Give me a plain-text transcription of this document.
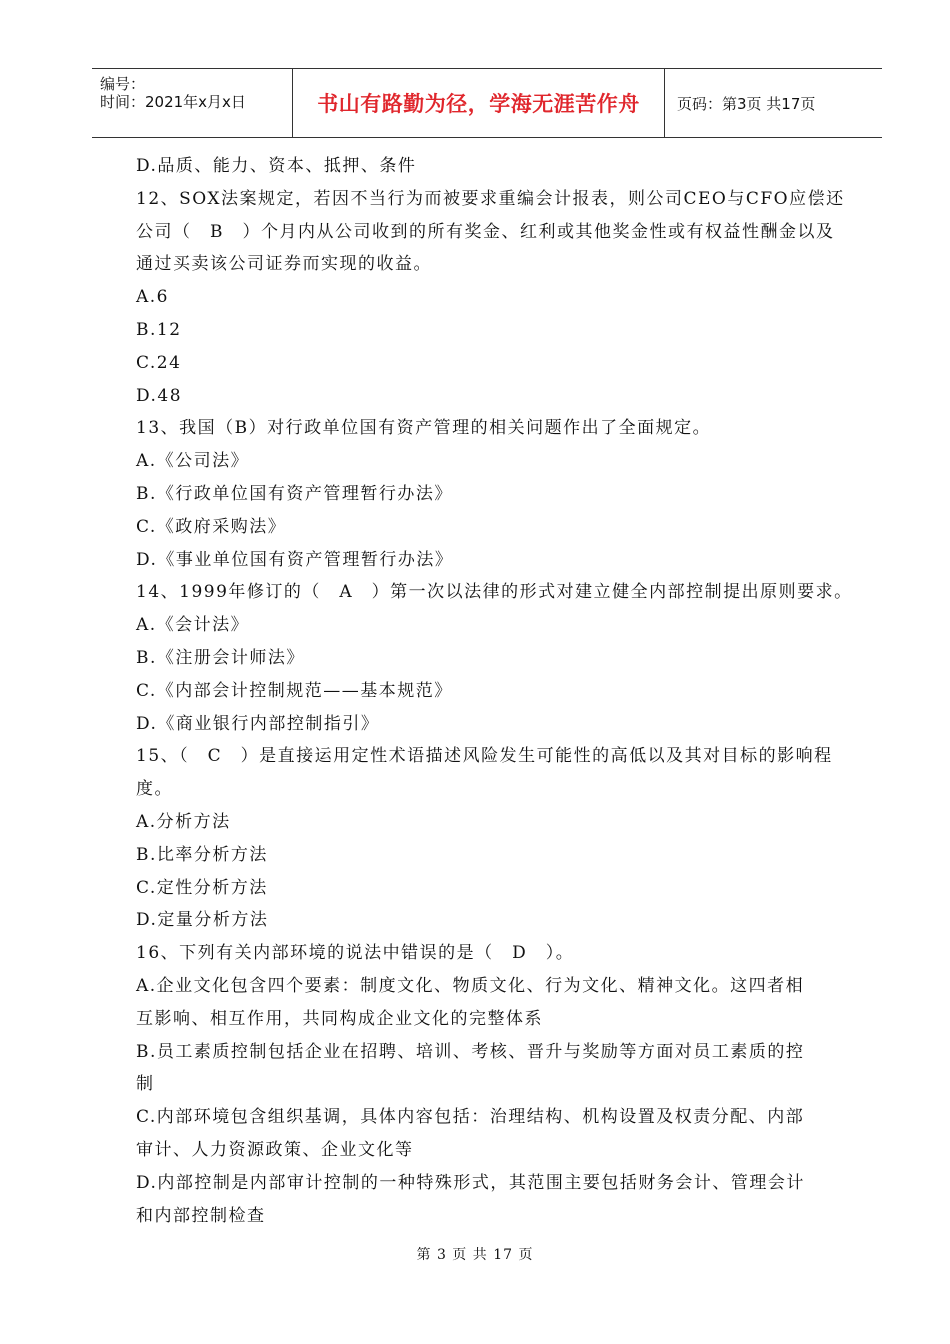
编号：
时间：2021年x月x日	书山有路勤为径，学海无涯苦作舟 页码：第3页 共17页
D.品质、能力、资本、抵押、条件
12、SOX法案规定，若因不当行为而被要求重编会计报表，则公司CEO与CFO应偿还
公司（　B　）个月内从公司收到的所有奖金、红利或其他奖金性或有权益性酬金以及
通过买卖该公司证券而实现的收益。
A.6
B.12
C.24
D.48
13、我国（B）对行政单位国有资产管理的相关问题作出了全面规定。
A.《公司法》
B.《行政单位国有资产管理暂行办法》
C.《政府采购法》
D.《事业单位国有资产管理暂行办法》
14、1999年修订的（　A　）第一次以法律的形式对建立健全内部控制提出原则要求。
A.《会计法》
B.《注册会计师法》
C.《内部会计控制规范——基本规范》
D.《商业银行内部控制指引》
15、（　C　）是直接运用定性术语描述风险发生可能性的高低以及其对目标的影响程
度。
A.分析方法
B.比率分析方法
C.定性分析方法
D.定量分析方法
16、下列有关内部环境的说法中错误的是（　D　）。
A.企业文化包含四个要素：制度文化、物质文化、行为文化、精神文化。这四者相
互影响、相互作用，共同构成企业文化的完整体系
B.员工素质控制包括企业在招聘、培训、考核、晋升与奖励等方面对员工素质的控
制
C.内部环境包含组织基调，具体内容包括：治理结构、机构设置及权责分配、内部
审计、人力资源政策、企业文化等
D.内部控制是内部审计控制的一种特殊形式，其范围主要包括财务会计、管理会计
和内部控制检查
第 3 页 共 17 页
